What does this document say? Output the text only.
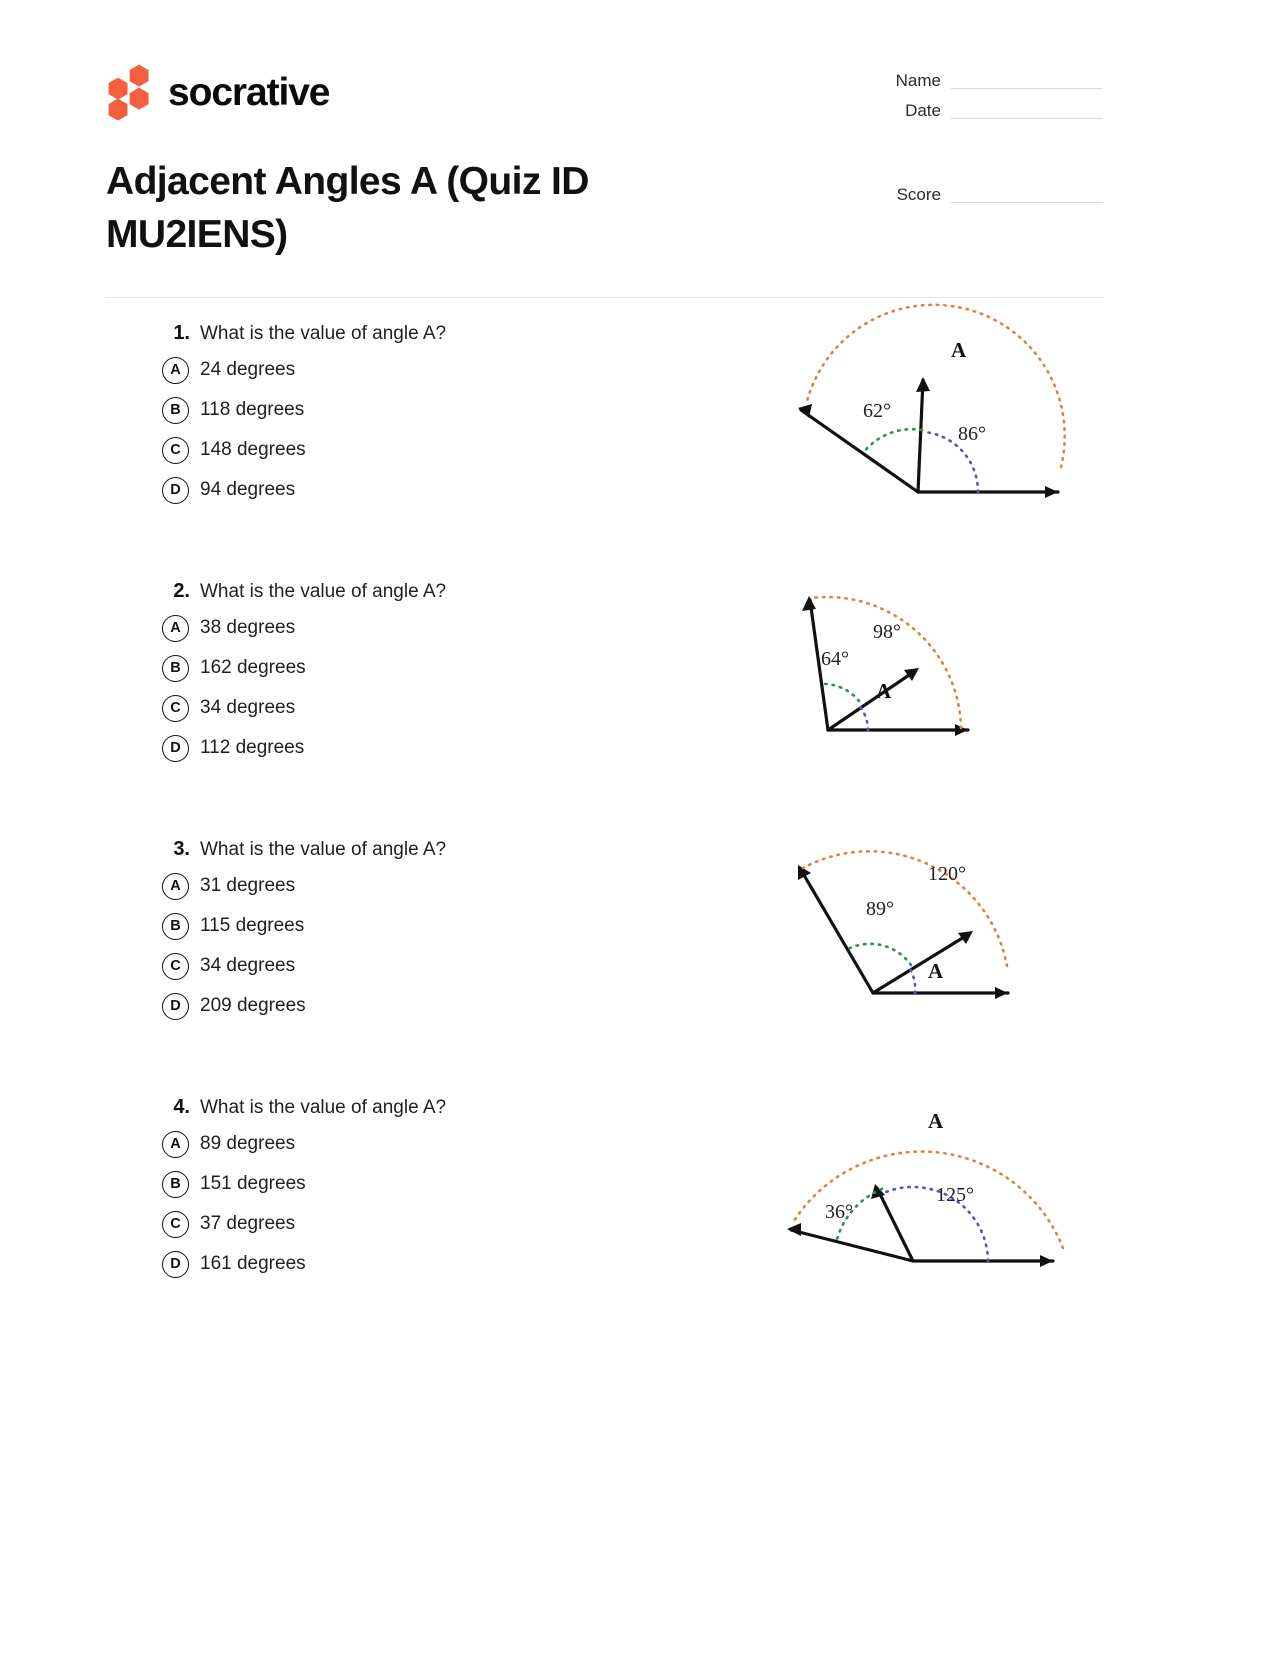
socrative
Adjacent Angles A (Quiz ID MU2IENS)
Name
Date
Score
1. What is the value of angle A?
A	24 degrees
B	118 degrees
C	148 degrees
D	94 degrees
62°
86°
A
2. What is the value of angle A?
A	38 degrees
B	162 degrees
C	34 degrees
D	112 degrees
64°
A
98°
3. What is the value of angle A?
A	31 degrees
B	115 degrees
C	34 degrees
D	209 degrees
89°
A
120°
4. What is the value of angle A?
A	89 degrees
B	151 degrees
C	37 degrees
D	161 degrees
36°
125°
A
